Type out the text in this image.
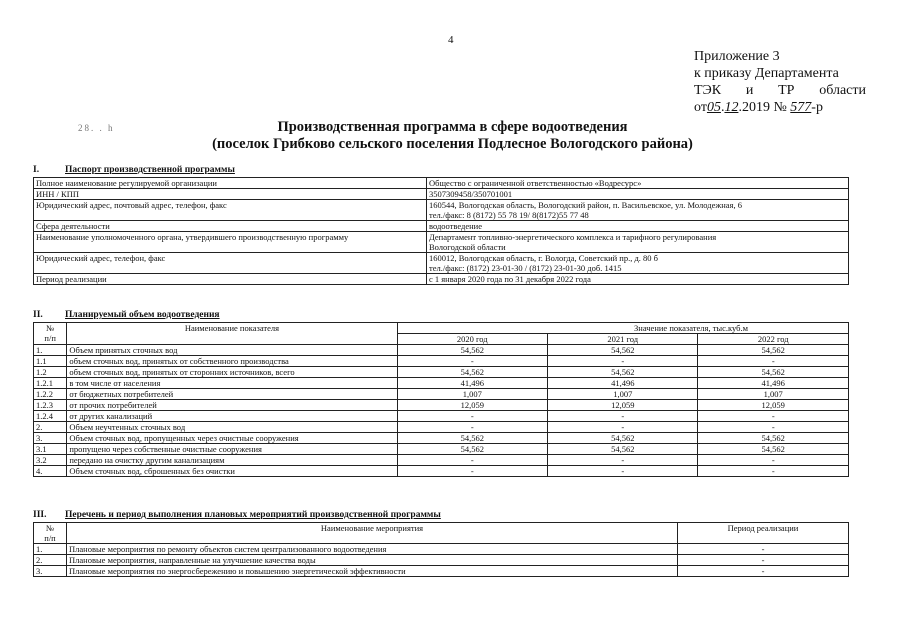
4
Приложение 3
к приказу Департамента
ТЭК и ТР области
от05.12.2019 № 577-р
28. . h	Производственная программа в сфере водоотведения
(поселок Грибково сельского поселения Подлесное Вологодского района)
I.	Паспорт производственной программы
Полное наименование регулируемой организации	Общество с ограниченной ответственностью «Водресурс»
ИНН / КПП	3507309458/350701001
Юридический адрес, почтовый адрес, телефон, факс	160544, Вологодская область, Вологодский район, п. Васильевское, ул. Молодежная, 6
тел./факс: 8 (8172) 55 78 19/ 8(8172)55 77 48
Сфера деятельности	водоотведение
Наименование уполномоченного органа, утвердившего производственную программу	Департамент топливно-энергетического комплекса и тарифного регулирования
Вологодской области
Юридический адрес, телефон, факс	160012, Вологодская область, г. Вологда, Советский пр., д. 80 б
тел./факс: (8172) 23-01-30 / (8172) 23-01-30 доб. 1415
Период реализации	с 1 января 2020 года по 31 декабря 2022 года
II. Планируемый объем водоотведения
№
п/п	Наименование показателя	Значение показателя, тыс.куб.м		
		2020 год	2021 год	2022 год
1.	Объем принятых сточных вод	54,562	54,562	54,562
1.1	объем сточных вод, принятых от собственного производства	-	-	-
1.2	объем сточных вод, принятых от сторонних источников, всего	54,562	54,562	54,562
1.2.1	в том числе от населения	41,496	41,496	41,496
1.2.2	от бюджетных потребителей	1,007	1,007	1,007
1.2.3	от прочих потребителей	12,059	12,059	12,059
1.2.4	от других канализаций	-	-	-
2.	Объем неучтенных сточных вод	-	-	-
3.	Объем сточных вод, пропущенных через очистные сооружения	54,562	54,562	54,562
3.1	пропущено через собственные очистные сооружения	54,562	54,562	54,562
3.2	передано на очистку другим канализациям	-	-	-
4.	Объем сточных вод, сброшенных без очистки	-	-	-
III. Перечень и период выполнения плановых мероприятий производственной программы
№
п/п	Наименование мероприятия	Период реализации
1.	Плановые мероприятия по ремонту объектов систем централизованного водоотведения	-
2.	Плановые мероприятия, направленные на улучшение качества воды	-
3.	Плановые мероприятия по энергосбережению и повышению энергетической эффективности	-
